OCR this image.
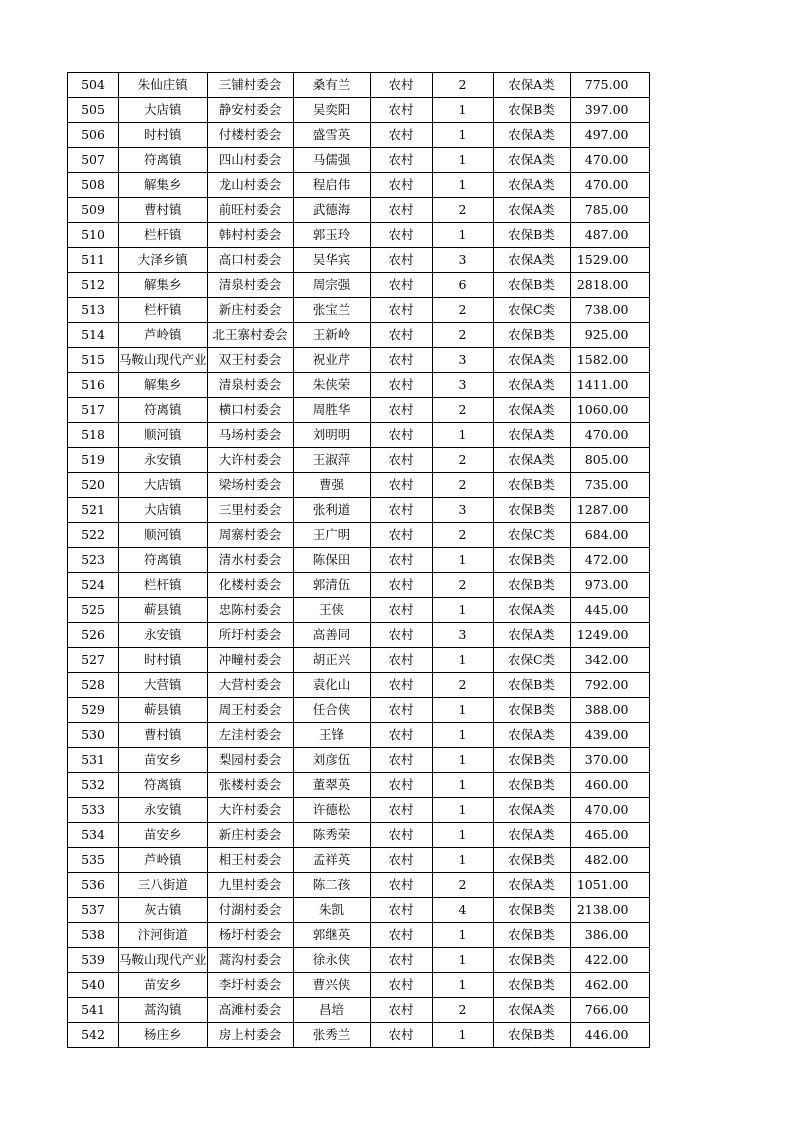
504	朱仙庄镇	三铺村委会	桑有兰	农村	2	农保A类	775.00
505	大店镇	静安村委会	吴奕阳	农村	1	农保B类	397.00
506	时村镇	付楼村委会	盛雪英	农村	1	农保A类	497.00
507	符离镇	四山村委会	马儒强	农村	1	农保A类	470.00
508	解集乡	龙山村委会	程启伟	农村	1	农保A类	470.00
509	曹村镇	前旺村委会	武德海	农村	2	农保A类	785.00
510	栏杆镇	韩村村委会	郭玉玲	农村	1	农保B类	487.00
511	大泽乡镇	高口村委会	吴华宾	农村	3	农保A类	1529.00
512	解集乡	清泉村委会	周宗强	农村	6	农保B类	2818.00
513	栏杆镇	新庄村委会	张宝兰	农村	2	农保C类	738.00
514	芦岭镇	北王寨村委会	王新岭	农村	2	农保B类	925.00
515	马鞍山现代产业	双王村委会	祝业芹	农村	3	农保A类	1582.00
516	解集乡	清泉村委会	朱侠荣	农村	3	农保A类	1411.00
517	符离镇	横口村委会	周胜华	农村	2	农保A类	1060.00
518	顺河镇	马场村委会	刘明明	农村	1	农保A类	470.00
519	永安镇	大许村委会	王淑萍	农村	2	农保A类	805.00
520	大店镇	梁场村委会	曹强	农村	2	农保B类	735.00
521	大店镇	三里村委会	张利道	农村	3	农保B类	1287.00
522	顺河镇	周寨村委会	王广明	农村	2	农保C类	684.00
523	符离镇	清水村委会	陈保田	农村	1	农保B类	472.00
524	栏杆镇	化楼村委会	郭清伍	农村	2	农保B类	973.00
525	蕲县镇	忠陈村委会	王侠	农村	1	农保A类	445.00
526	永安镇	所圩村委会	高善同	农村	3	农保A类	1249.00
527	时村镇	冲疃村委会	胡正兴	农村	1	农保C类	342.00
528	大营镇	大营村委会	袁化山	农村	2	农保B类	792.00
529	蕲县镇	周王村委会	任合侠	农村	1	农保B类	388.00
530	曹村镇	左洼村委会	王锋	农村	1	农保A类	439.00
531	苗安乡	梨园村委会	刘彦伍	农村	1	农保B类	370.00
532	符离镇	张楼村委会	董翠英	农村	1	农保B类	460.00
533	永安镇	大许村委会	许德松	农村	1	农保A类	470.00
534	苗安乡	新庄村委会	陈秀荣	农村	1	农保A类	465.00
535	芦岭镇	相王村委会	孟祥英	农村	1	农保B类	482.00
536	三八街道	九里村委会	陈二孩	农村	2	农保A类	1051.00
537	灰古镇	付湖村委会	朱凯	农村	4	农保B类	2138.00
538	汴河街道	杨圩村委会	郭继英	农村	1	农保B类	386.00
539	马鞍山现代产业	蒿沟村委会	徐永侠	农村	1	农保B类	422.00
540	苗安乡	李圩村委会	曹兴侠	农村	1	农保B类	462.00
541	蒿沟镇	高滩村委会	昌培	农村	2	农保A类	766.00
542	杨庄乡	房上村委会	张秀兰	农村	1	农保B类	446.00
